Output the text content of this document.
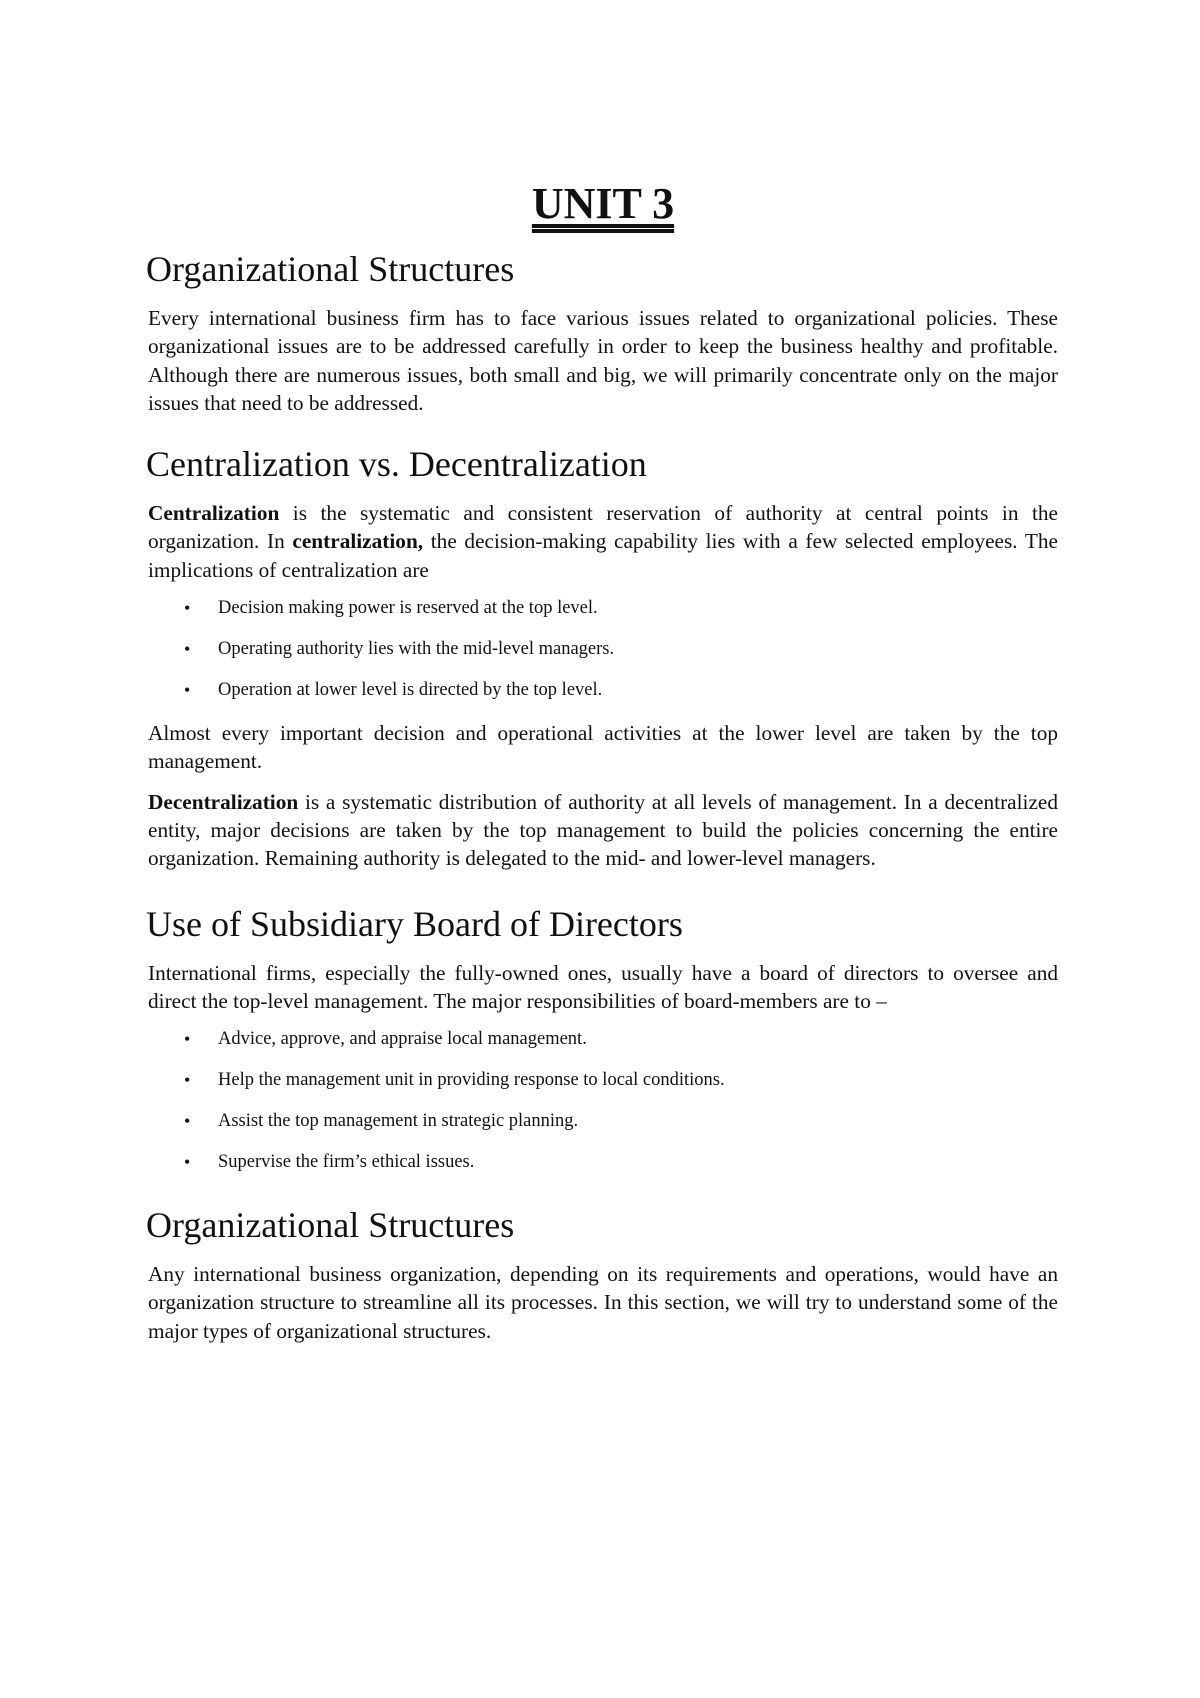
UNIT 3
Organizational Structures

Every international business firm has to face various issues related to organizational policies. These organizational issues are to be addressed carefully in order to keep the business healthy and profitable. Although there are numerous issues, both small and big, we will primarily concentrate only on the major issues that need to be addressed.

Centralization vs. Decentralization

Centralization is the systematic and consistent reservation of authority at central points in the organization. In centralization, the decision-making capability lies with a few selected employees. The implications of centralization are

• Decision making power is reserved at the top level.
• Operating authority lies with the mid-level managers.
• Operation at lower level is directed by the top level.

Almost every important decision and operational activities at the lower level are taken by the top management.

Decentralization is a systematic distribution of authority at all levels of management. In a decentralized entity, major decisions are taken by the top management to build the policies concerning the entire organization. Remaining authority is delegated to the mid- and lower-level managers.

Use of Subsidiary Board of Directors

International firms, especially the fully-owned ones, usually have a board of directors to oversee and direct the top-level management. The major responsibilities of board-members are to –

• Advice, approve, and appraise local management.
• Help the management unit in providing response to local conditions.
• Assist the top management in strategic planning.
• Supervise the firm’s ethical issues.
Organizational Structures

Any international business organization, depending on its requirements and operations, would have an organization structure to streamline all its processes. In this section, we will try to understand some of the major types of organizational structures.
